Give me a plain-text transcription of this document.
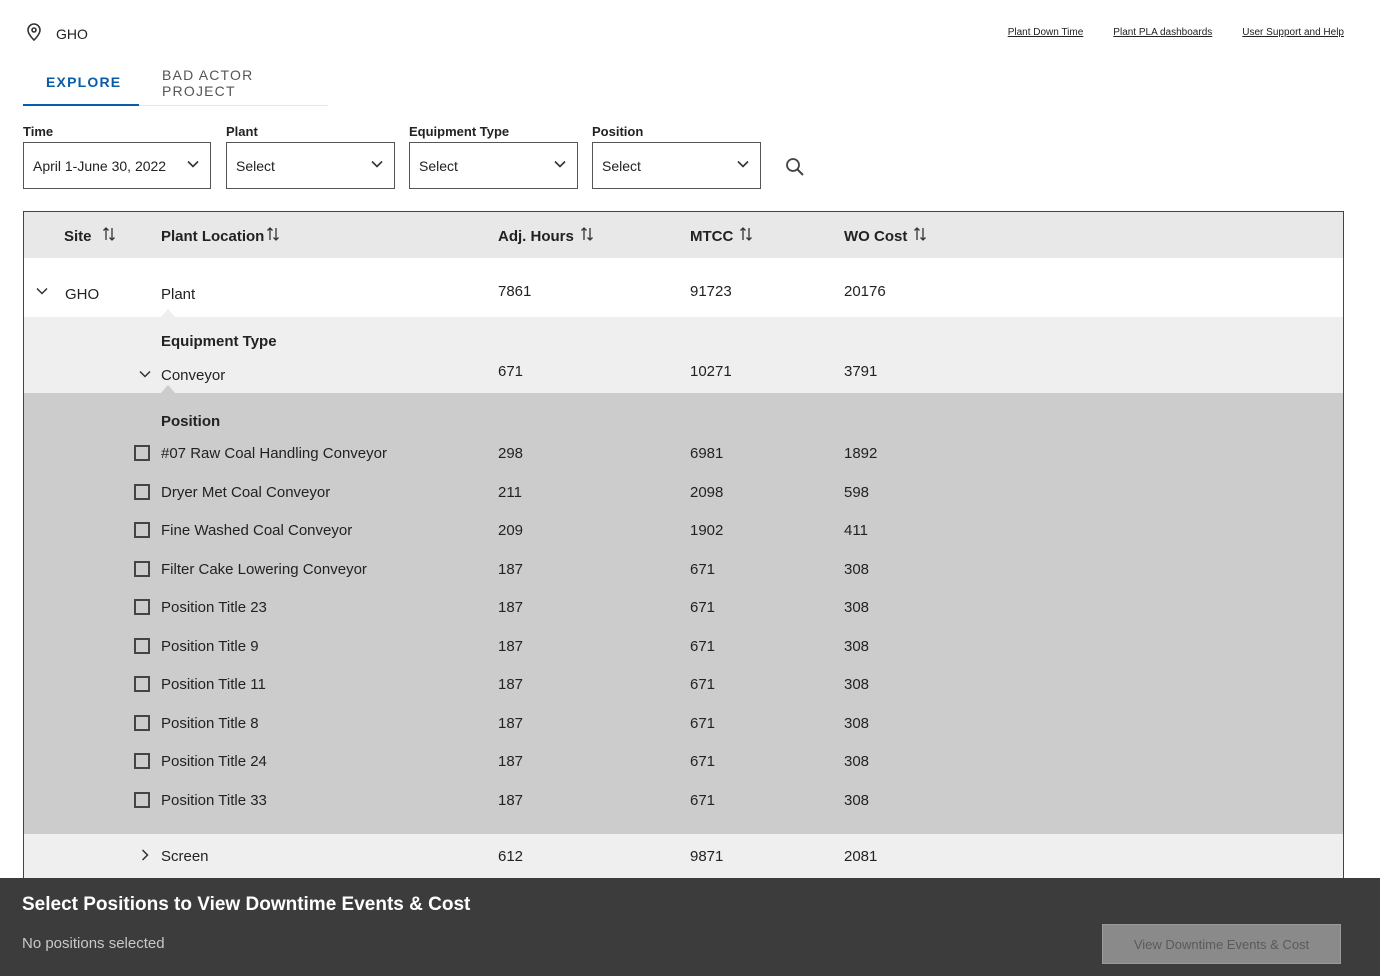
GHO	Plant Down Time	Plant PLA dashboards	User Support and Help
EXPLORE	BAD ACTOR PROJECT
Time
April 1-June 30, 2022
Plant
Select
Equipment Type
Select
Position
Select
Site	Plant Location	Adj. Hours	MTCC	WO Cost
GHO	Plant	7861	91723	20176
Equipment Type
Conveyor	671	10271	3791
Position
#07 Raw Coal Handling Conveyor	298	6981	1892
Dryer Met Coal Conveyor	211	2098	598
Fine Washed Coal Conveyor	209	1902	411
Filter Cake Lowering Conveyor	187	671	308
Position Title 23	187	671	308
Position Title 9	187	671	308
Position Title 11	187	671	308
Position Title 8	187	671	308
Position Title 24	187	671	308
Position Title 33	187	671	308
Screen	612	9871	2081
Select Positions to View Downtime Events & Cost
No positions selected	View Downtime Events & Cost
